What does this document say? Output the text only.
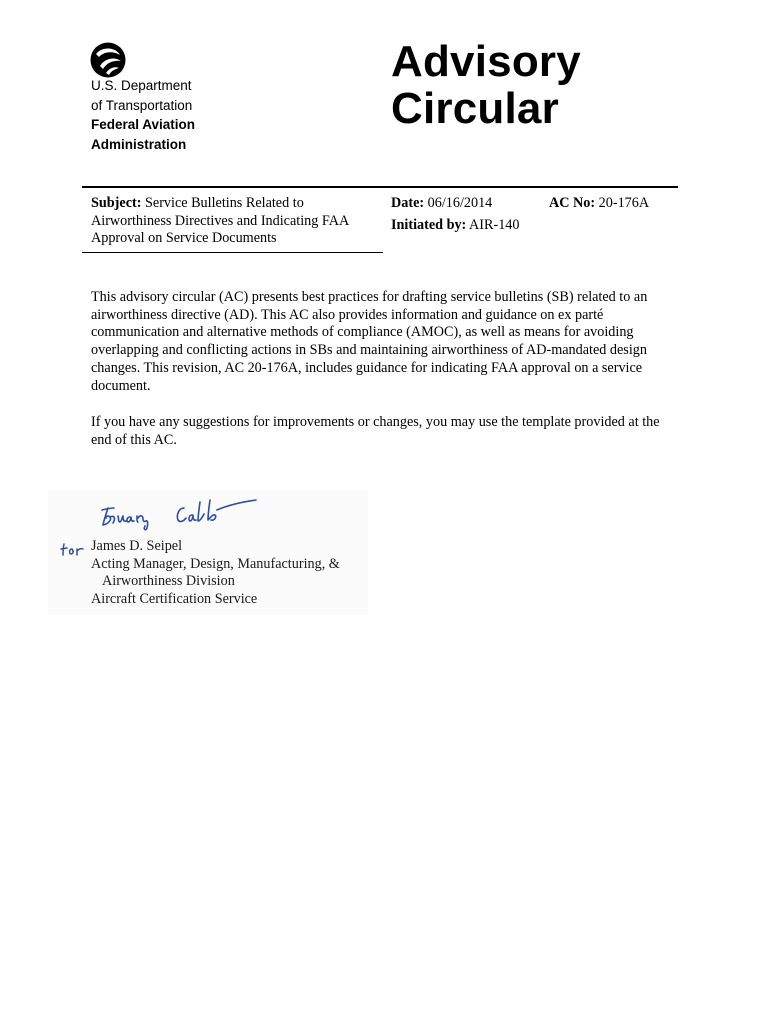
U.S. Department
of Transportation
Federal Aviation
Administration
Advisory
Circular
Subject: Service Bulletins Related to Airworthiness Directives and Indicating FAA Approval on Service Documents
Date: 06/16/2014
Initiated by: AIR-140
AC No: 20-176A

This advisory circular (AC) presents best practices for drafting service bulletins (SB) related to an airworthiness directive (AD). This AC also provides information and guidance on ex parté communication and alternative methods of compliance (AMOC), as well as means for avoiding overlapping and conflicting actions in SBs and maintaining airworthiness of AD-mandated design changes. This revision, AC 20-176A, includes guidance for indicating FAA approval on a service document.

If you have any suggestions for improvements or changes, you may use the template provided at the end of this AC.

James D. Seipel
Acting Manager, Design, Manufacturing, &
Airworthiness Division
Aircraft Certification Service
